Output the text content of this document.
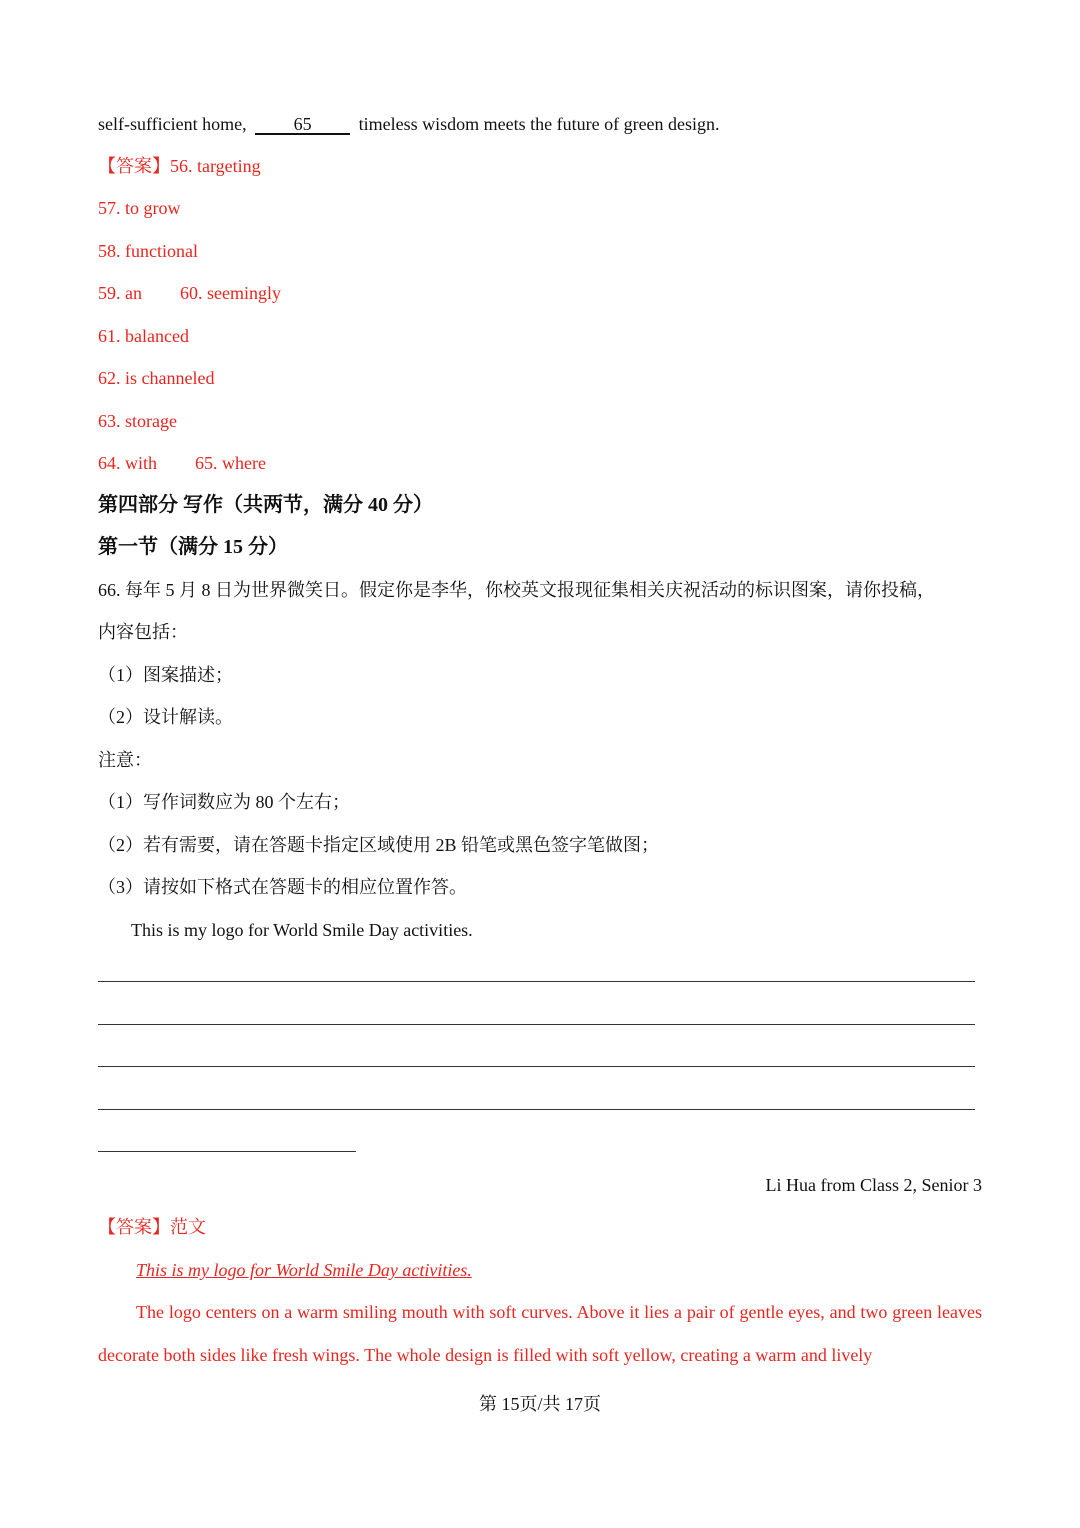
self-sufficient home,	65	timeless wisdom meets the future of green design.
【答案】56. targeting
57. to grow
58. functional
59. an 60. seemingly
61. balanced
62. is channeled
63. storage
64. with 65. where
第四部分 写作（共两节，满分 40 分）
第一节（满分 15 分）
66. 每年 5 月 8 日为世界微笑日。假定你是李华，你校英文报现征集相关庆祝活动的标识图案，请你投稿，
内容包括：
（1）图案描述；
（2）设计解读。
注意：
（1）写作词数应为 80 个左右；
（2）若有需要，请在答题卡指定区域使用 2B 铅笔或黑色签字笔做图；
（3）请按如下格式在答题卡的相应位置作答。
This is my logo for World Smile Day activities.
Li Hua from Class 2, Senior 3
【答案】范文
This is my logo for World Smile Day activities.
The logo centers on a warm smiling mouth with soft curves. Above it lies a pair of gentle eyes, and two green leaves decorate both sides like fresh wings. The whole design is filled with soft yellow, creating a warm and lively
第 15页/共 17页
